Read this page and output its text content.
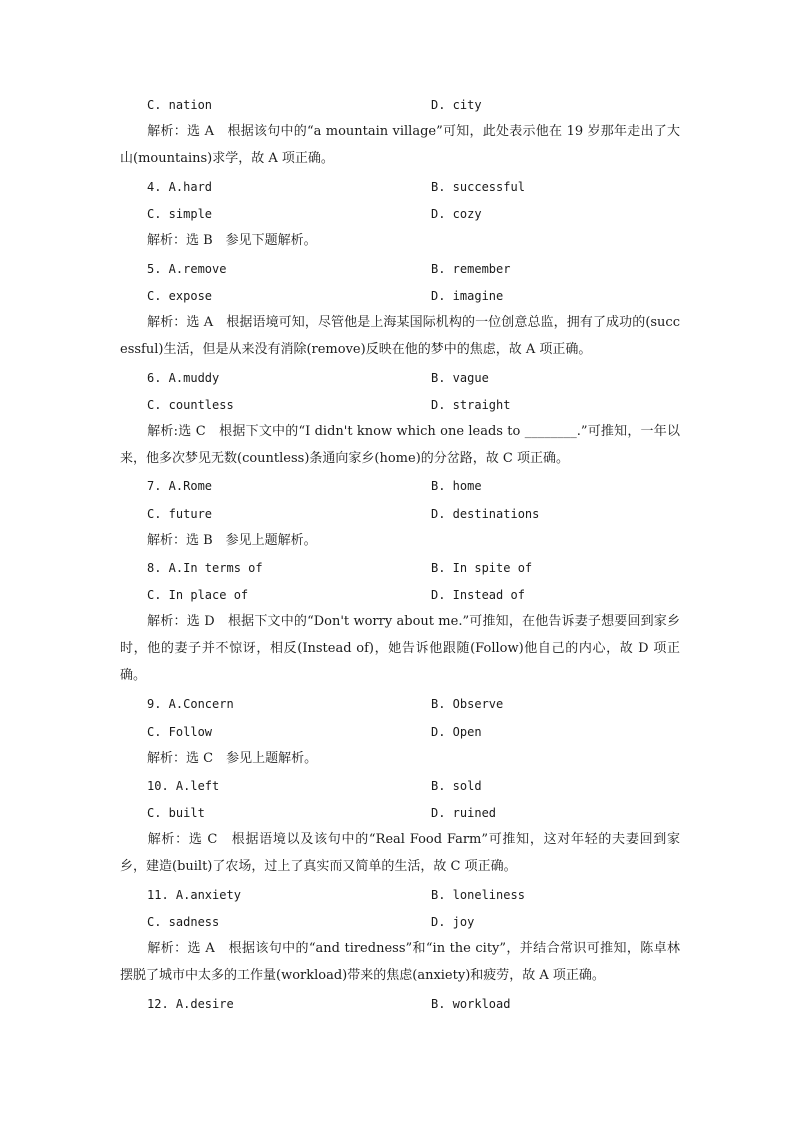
C. nation	D. city
解析：选 A　根据该句中的“a mountain village”可知，此处表示他在 19 岁那年走出了大山(mountains)求学，故 A 项正确。
4. A.hard	B. successful
C. simple	D. cozy
解析：选 B　参见下题解析。
5. A.remove	B. remember
C. expose	D. imagine
解析：选 A　根据语境可知，尽管他是上海某国际机构的一位创意总监，拥有了成功的(successful)生活，但是从来没有消除(remove)反映在他的梦中的焦虑，故 A 项正确。
6. A.muddy	B. vague
C. countless	D. straight
解析:选 C　根据下文中的“I didn't know which one leads to ________.”可推知，一年以来，他多次梦见无数(countless)条通向家乡(home)的分岔路，故 C 项正确。
7. A.Rome	B. home
C. future	D. destinations
解析：选 B　参见上题解析。
8. A.In terms of	B. In spite of
C. In place of	D. Instead of
解析：选 D　根据下文中的“Don't worry about me.”可推知，在他告诉妻子想要回到家乡时，他的妻子并不惊讶，相反(Instead of)，她告诉他跟随(Follow)他自己的内心，故 D 项正确。
9. A.Concern	B. Observe
C. Follow	D. Open
解析：选 C　参见上题解析。
10. A.left	B. sold
C. built	D. ruined
解析：选 C　根据语境以及该句中的“Real Food Farm”可推知，这对年轻的夫妻回到家乡，建造(built)了农场，过上了真实而又简单的生活，故 C 项正确。
11. A.anxiety	B. loneliness
C. sadness	D. joy
解析：选 A　根据该句中的“and tiredness”和“in the city”，并结合常识可推知，陈卓林摆脱了城市中太多的工作量(workload)带来的焦虑(anxiety)和疲劳，故 A 项正确。
12. A.desire	B. workload
